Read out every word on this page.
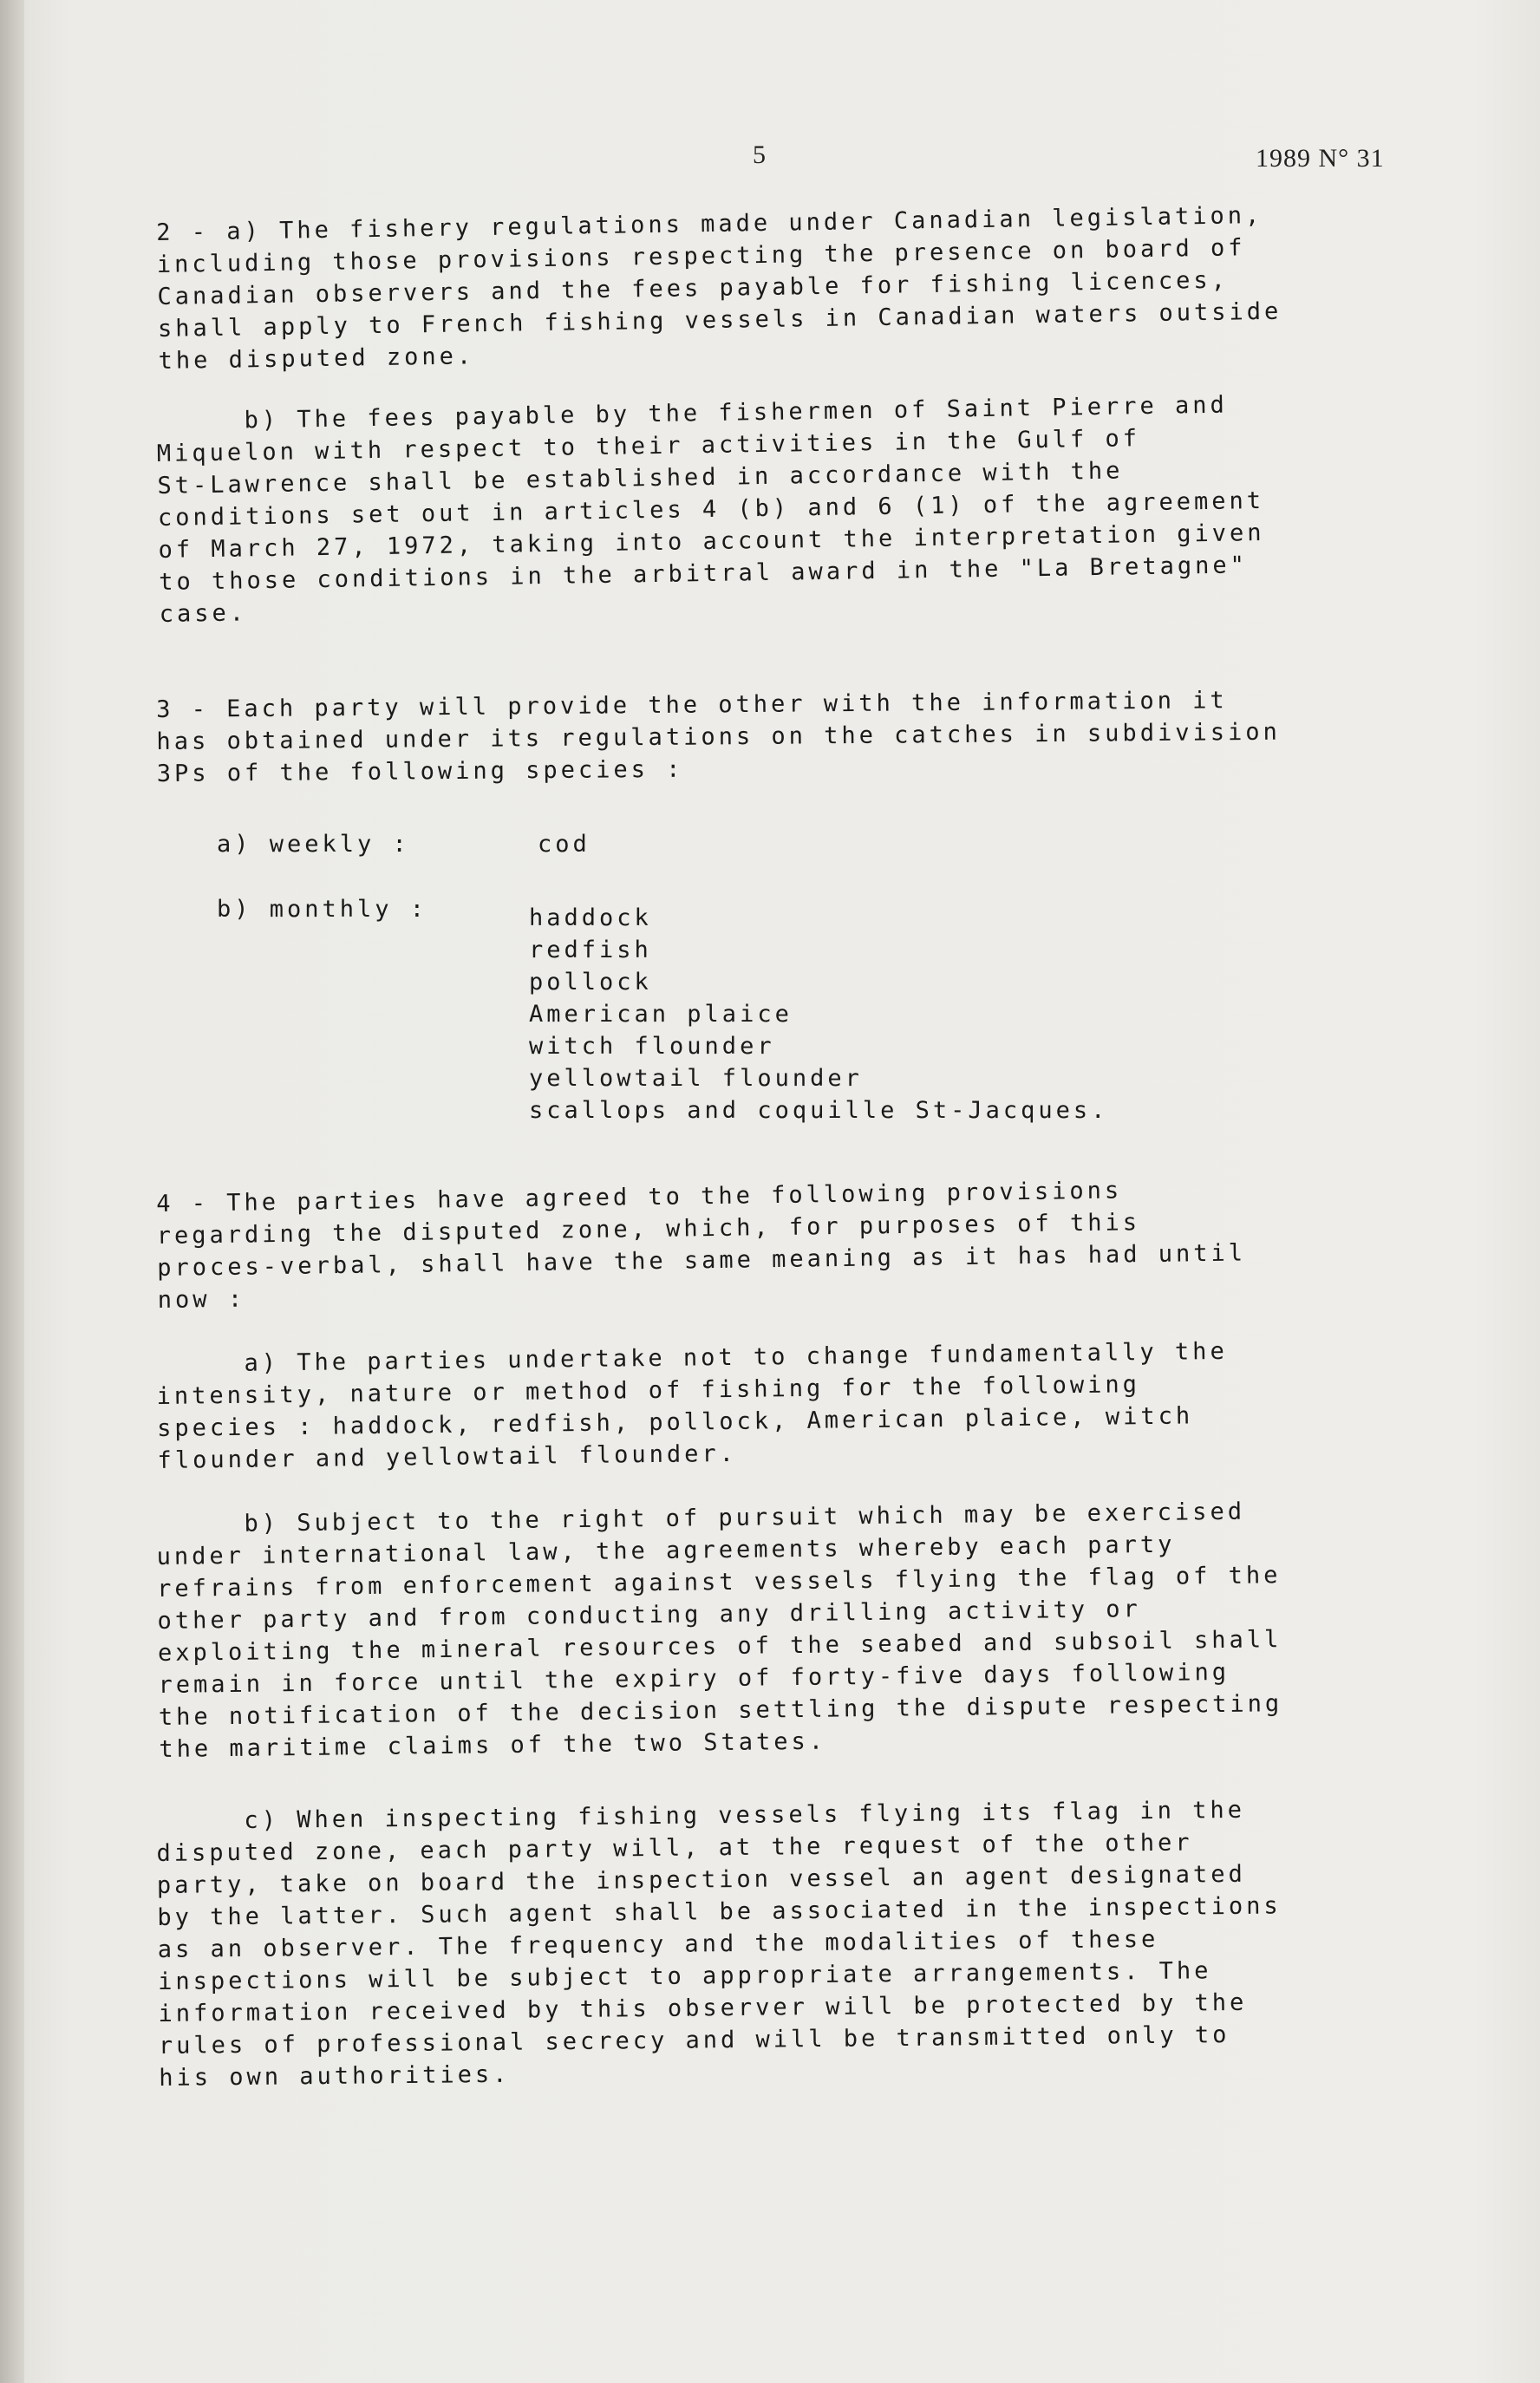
5	1989 N° 31
2 - a) The fishery regulations made under Canadian legislation,
including those provisions respecting the presence on board of
Canadian observers and the fees payable for fishing licences,
shall apply to French fishing vessels in Canadian waters outside
the disputed zone.
b) The fees payable by the fishermen of Saint Pierre and
Miquelon with respect to their activities in the Gulf of
St-Lawrence shall be established in accordance with the
conditions set out in articles 4 (b) and 6 (1) of the agreement
of March 27, 1972, taking into account the interpretation given
to those conditions in the arbitral award in the "La Bretagne"
case.
3 - Each party will provide the other with the information it
has obtained under its regulations on the catches in subdivision
3Ps of the following species :
a) weekly :	cod
b) monthly :	haddock
redfish
pollock
American plaice
witch flounder
yellowtail flounder
scallops and coquille St-Jacques.
4 - The parties have agreed to the following provisions
regarding the disputed zone, which, for purposes of this
proces-verbal, shall have the same meaning as it has had until
now :
a) The parties undertake not to change fundamentally the
intensity, nature or method of fishing for the following
species : haddock, redfish, pollock, American plaice, witch
flounder and yellowtail flounder.
b) Subject to the right of pursuit which may be exercised
under international law, the agreements whereby each party
refrains from enforcement against vessels flying the flag of the
other party and from conducting any drilling activity or
exploiting the mineral resources of the seabed and subsoil shall
remain in force until the expiry of forty-five days following
the notification of the decision settling the dispute respecting
the maritime claims of the two States.
c) When inspecting fishing vessels flying its flag in the
disputed zone, each party will, at the request of the other
party, take on board the inspection vessel an agent designated
by the latter. Such agent shall be associated in the inspections
as an observer. The frequency and the modalities of these
inspections will be subject to appropriate arrangements. The
information received by this observer will be protected by the
rules of professional secrecy and will be transmitted only to
his own authorities.
